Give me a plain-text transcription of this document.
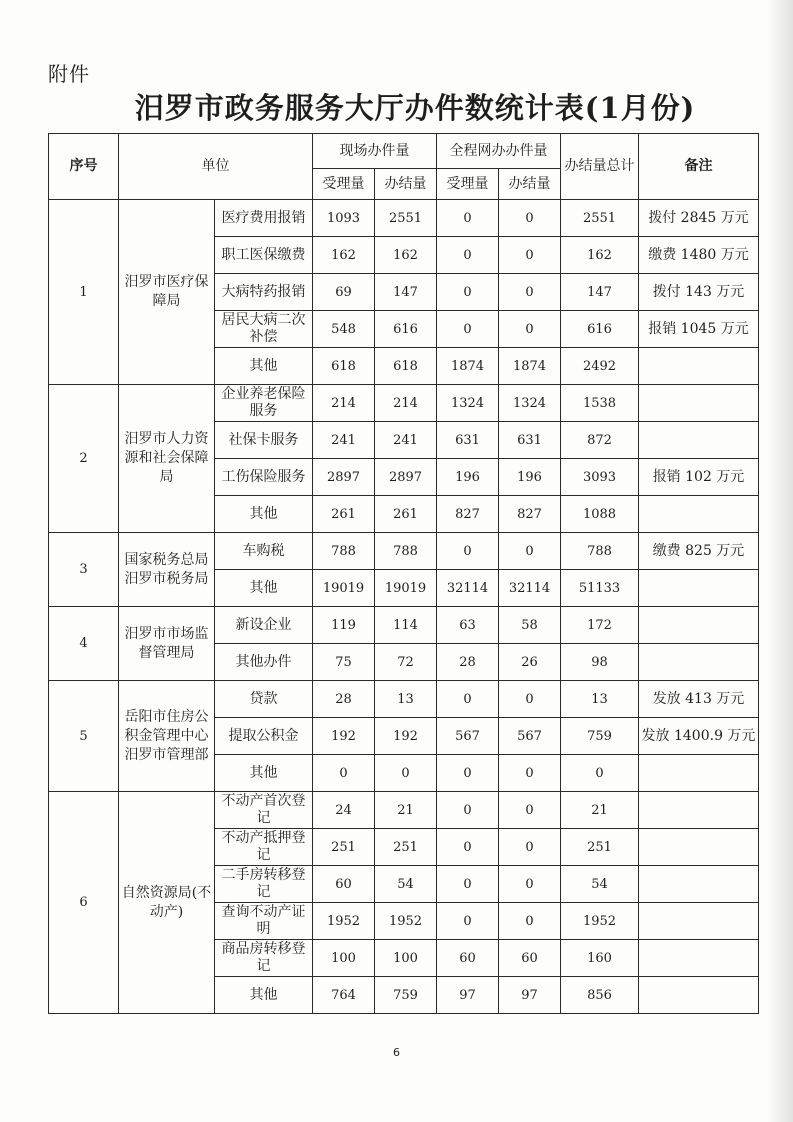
附件
汨罗市政务服务大厅办件数统计表(1月份)
序号	单位		现场办件量		全程网办办件量		办结量总计	备注
			受理量	办结量	受理量	办结量		
1	汨罗市医疗保障局	医疗费用报销	1093	2551	0	0	2551	拨付 2845 万元
		职工医保缴费	162	162	0	0	162	缴费 1480 万元
		大病特药报销	69	147	0	0	147	拨付 143 万元
		居民大病二次补偿	548	616	0	0	616	报销 1045 万元
		其他	618	618	1874	1874	2492	
2	汨罗市人力资源和社会保障局	企业养老保险服务	214	214	1324	1324	1538	
		社保卡服务	241	241	631	631	872	
		工伤保险服务	2897	2897	196	196	3093	报销 102 万元
		其他	261	261	827	827	1088	
3	国家税务总局汨罗市税务局	车购税	788	788	0	0	788	缴费 825 万元
		其他	19019	19019	32114	32114	51133	
4	汨罗市市场监督管理局	新设企业	119	114	63	58	172	
		其他办件	75	72	28	26	98	
5	岳阳市住房公积金管理中心汨罗市管理部	贷款	28	13	0	0	13	发放 413 万元
		提取公积金	192	192	567	567	759	发放 1400.9 万元
		其他	0	0	0	0	0	
6	自然资源局(不动产)	不动产首次登记	24	21	0	0	21	
		不动产抵押登记	251	251	0	0	251	
		二手房转移登记	60	54	0	0	54	
		查询不动产证明	1952	1952	0	0	1952	
		商品房转移登记	100	100	60	60	160	
		其他	764	759	97	97	856	
6
